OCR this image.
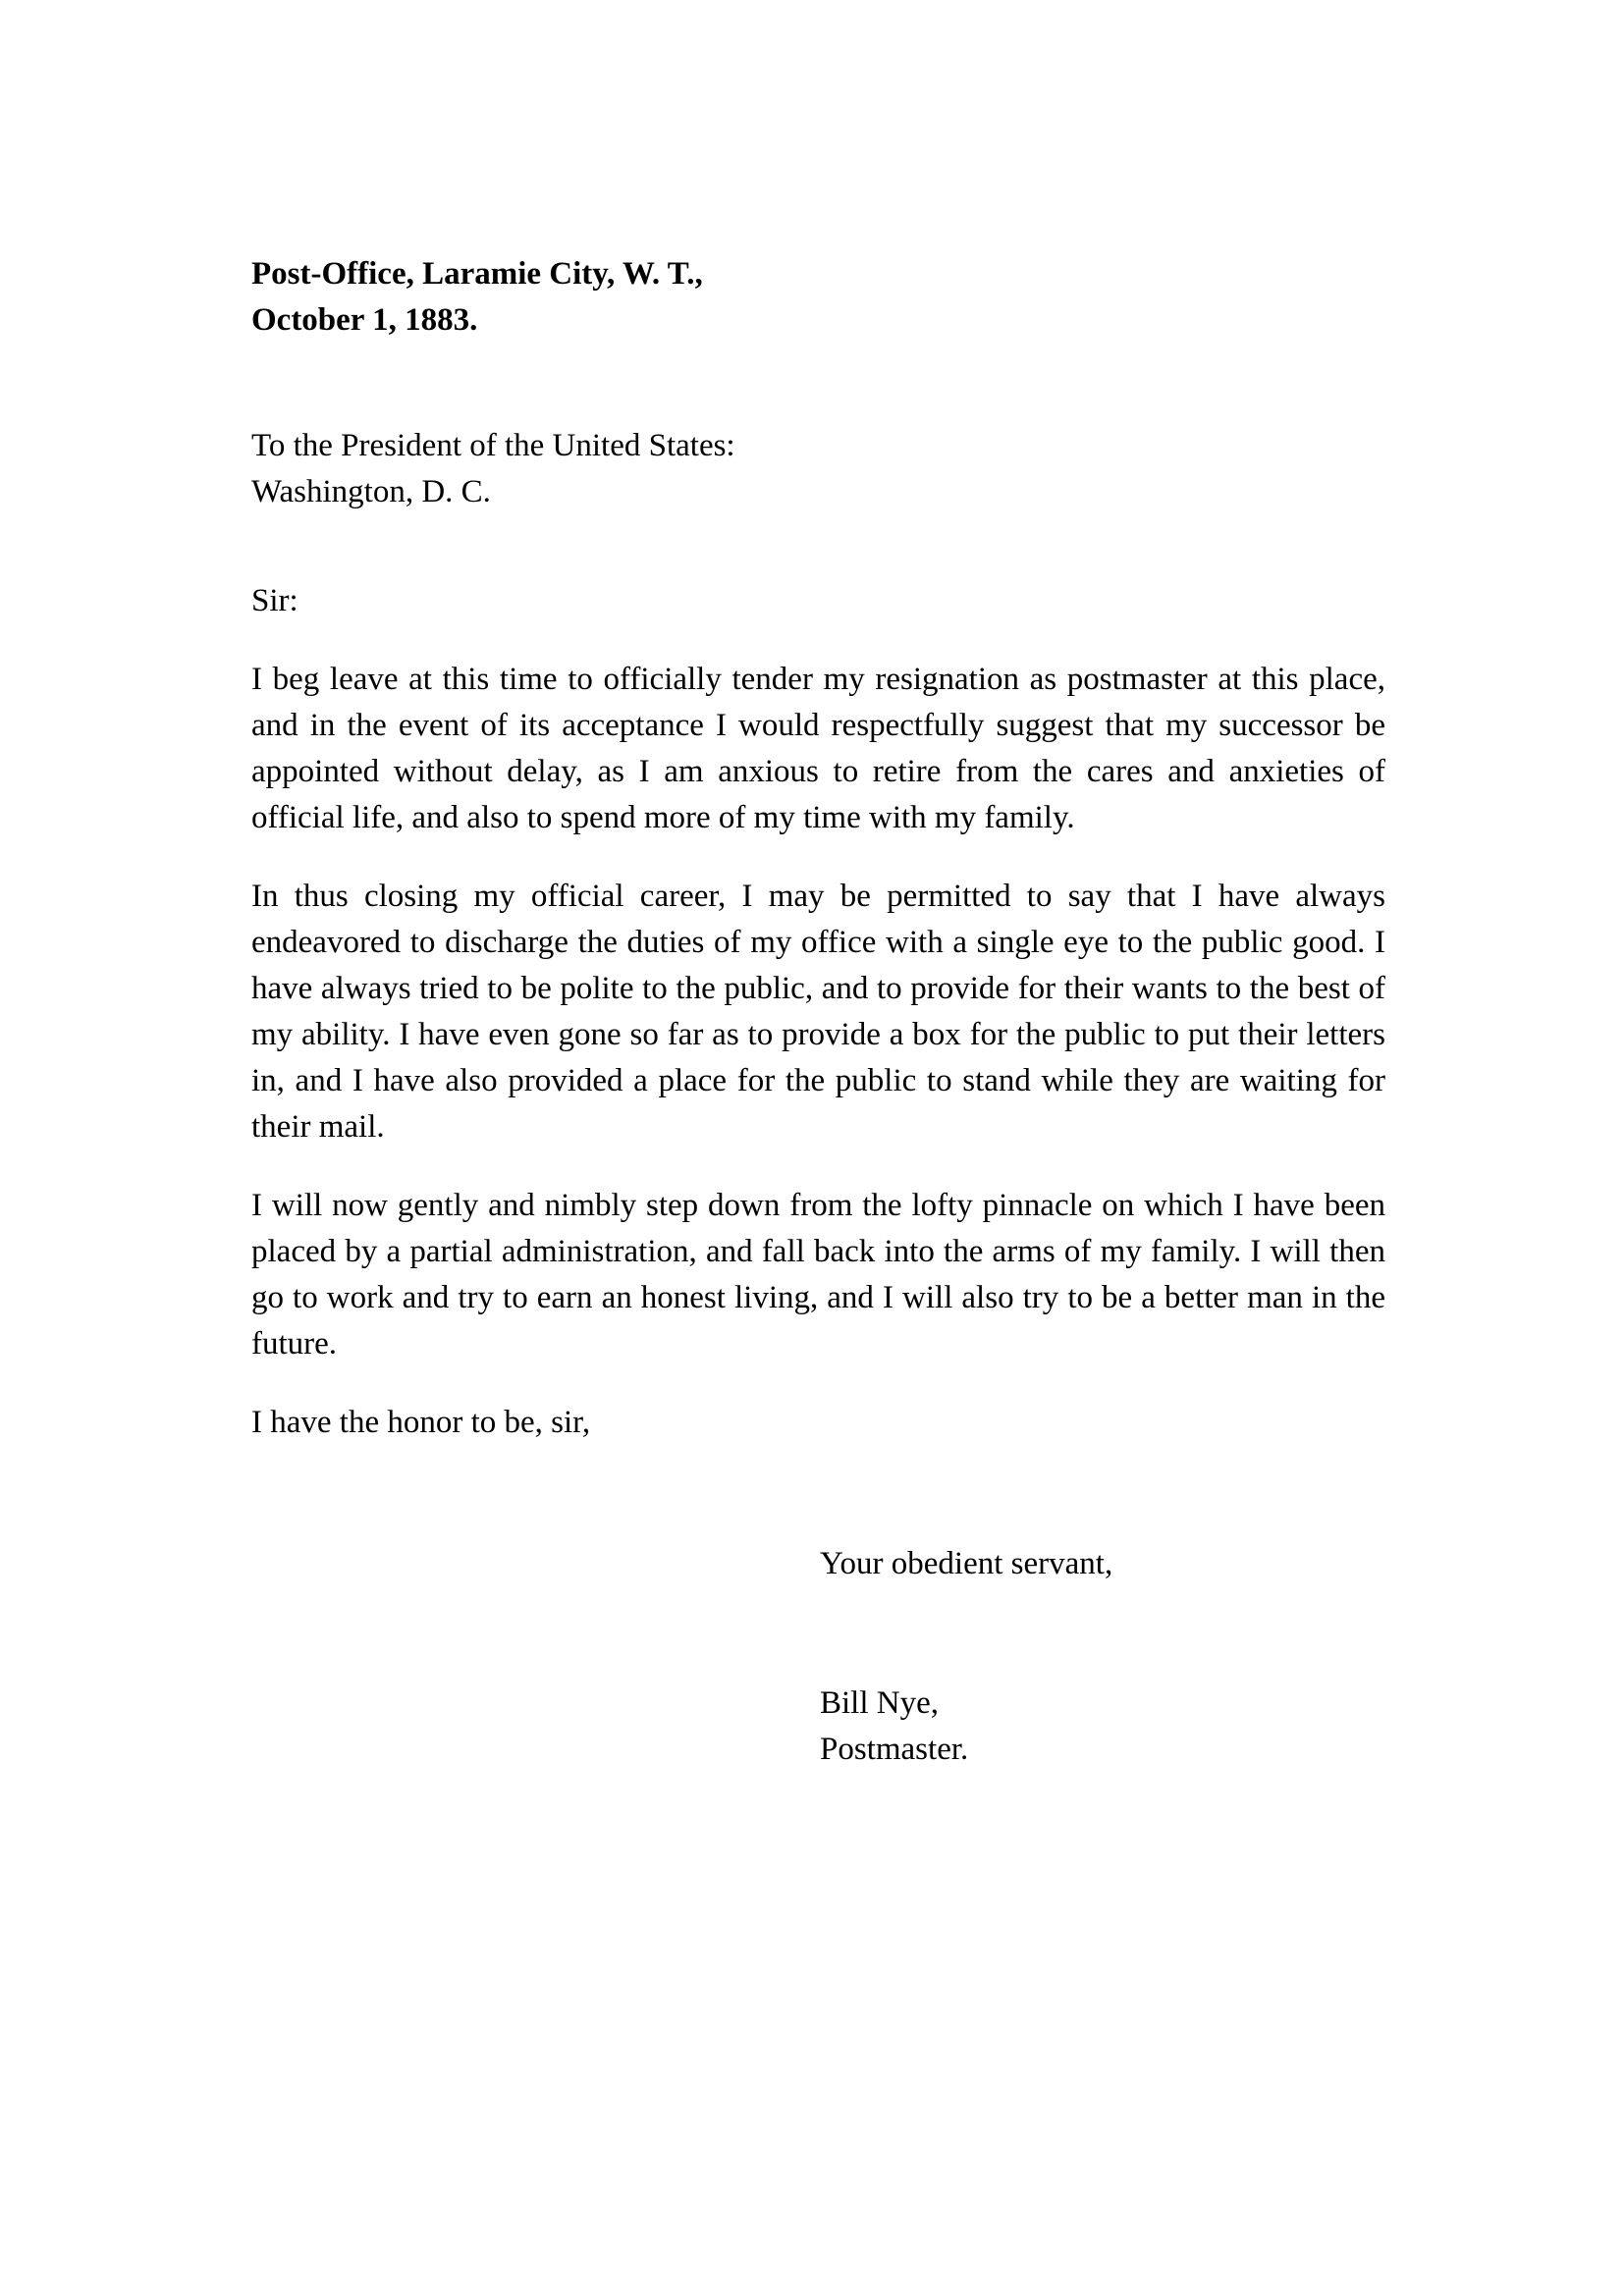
Post-Office, Laramie City, W. T.,
October 1, 1883.
To the President of the United States:
Washington, D. C.
Sir:
I beg leave at this time to officially tender my resignation as postmaster at this place, and in the event of its acceptance I would respectfully suggest that my successor be appointed without delay, as I am anxious to retire from the cares and anxieties of official life, and also to spend more of my time with my family.
In thus closing my official career, I may be permitted to say that I have always endeavored to discharge the duties of my office with a single eye to the public good. I have always tried to be polite to the public, and to provide for their wants to the best of my ability. I have even gone so far as to provide a box for the public to put their letters in, and I have also provided a place for the public to stand while they are waiting for their mail.
I will now gently and nimbly step down from the lofty pinnacle on which I have been placed by a partial administration, and fall back into the arms of my family. I will then go to work and try to earn an honest living, and I will also try to be a better man in the future.
I have the honor to be, sir,
Your obedient servant,
Bill Nye,
Postmaster.
